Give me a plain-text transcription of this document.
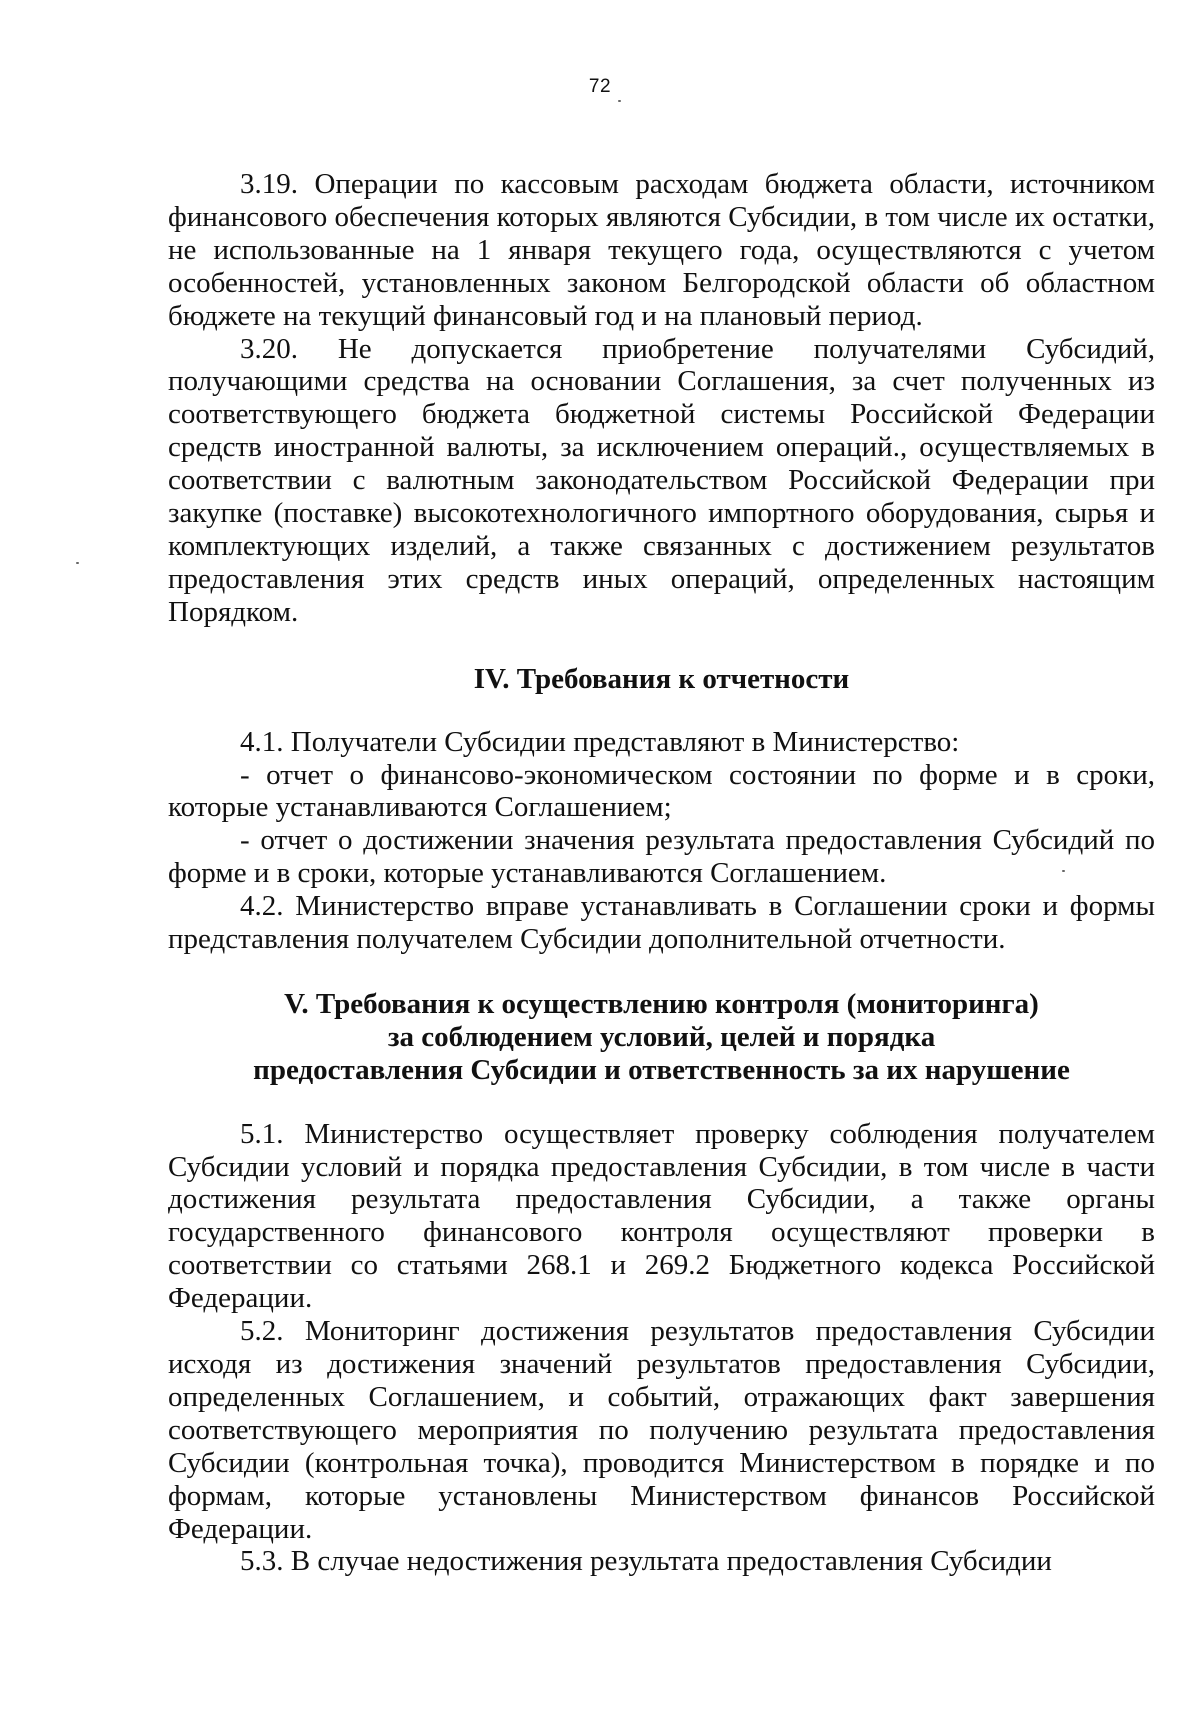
72

3.19. Операции по кассовым расходам бюджета области, источником финансового обеспечения которых являются Субсидии, в том числе их остатки, не использованные на 1 января текущего года, осуществляются с учетом особенностей, установленных законом Белгородской области об областном бюджете на текущий финансовый год и на плановый период.

3.20. Не допускается приобретение получателями Субсидий, получающими средства на основании Соглашения, за счет полученных из соответствующего бюджета бюджетной системы Российской Федерации средств иностранной валюты, за исключением операций., осуществляемых в соответствии с валютным законодательством Российской Федерации при закупке (поставке) высокотехнологичного импортного оборудования, сырья и комплектующих изделий, а также связанных с достижением результатов предоставления этих средств иных операций, определенных настоящим Порядком.

IV. Требования к отчетности

4.1. Получатели Субсидии представляют в Министерство:

- отчет о финансово-экономическом состоянии по форме и в сроки, которые устанавливаются Соглашением;

- отчет о достижении значения результата предоставления Субсидий по форме и в сроки, которые устанавливаются Соглашением.

4.2. Министерство вправе устанавливать в Соглашении сроки и формы представления получателем Субсидии дополнительной отчетности.

V. Требования к осуществлению контроля (мониторинга)

за соблюдением условий, целей и порядка

предоставления Субсидии и ответственность за их нарушение

5.1. Министерство осуществляет проверку соблюдения получателем Субсидии условий и порядка предоставления Субсидии, в том числе в части достижения результата предоставления Субсидии, а также органы государственного финансового контроля осуществляют проверки в соответствии со статьями 268.1 и 269.2 Бюджетного кодекса Российской Федерации.

5.2. Мониторинг достижения результатов предоставления Субсидии исходя из достижения значений результатов предоставления Субсидии, определенных Соглашением, и событий, отражающих факт завершения соответствующего мероприятия по получению результата предоставления Субсидии (контрольная точка), проводится Министерством в порядке и по формам, которые установлены Министерством финансов Российской Федерации.

5.3. В случае недостижения результата предоставления Субсидии
